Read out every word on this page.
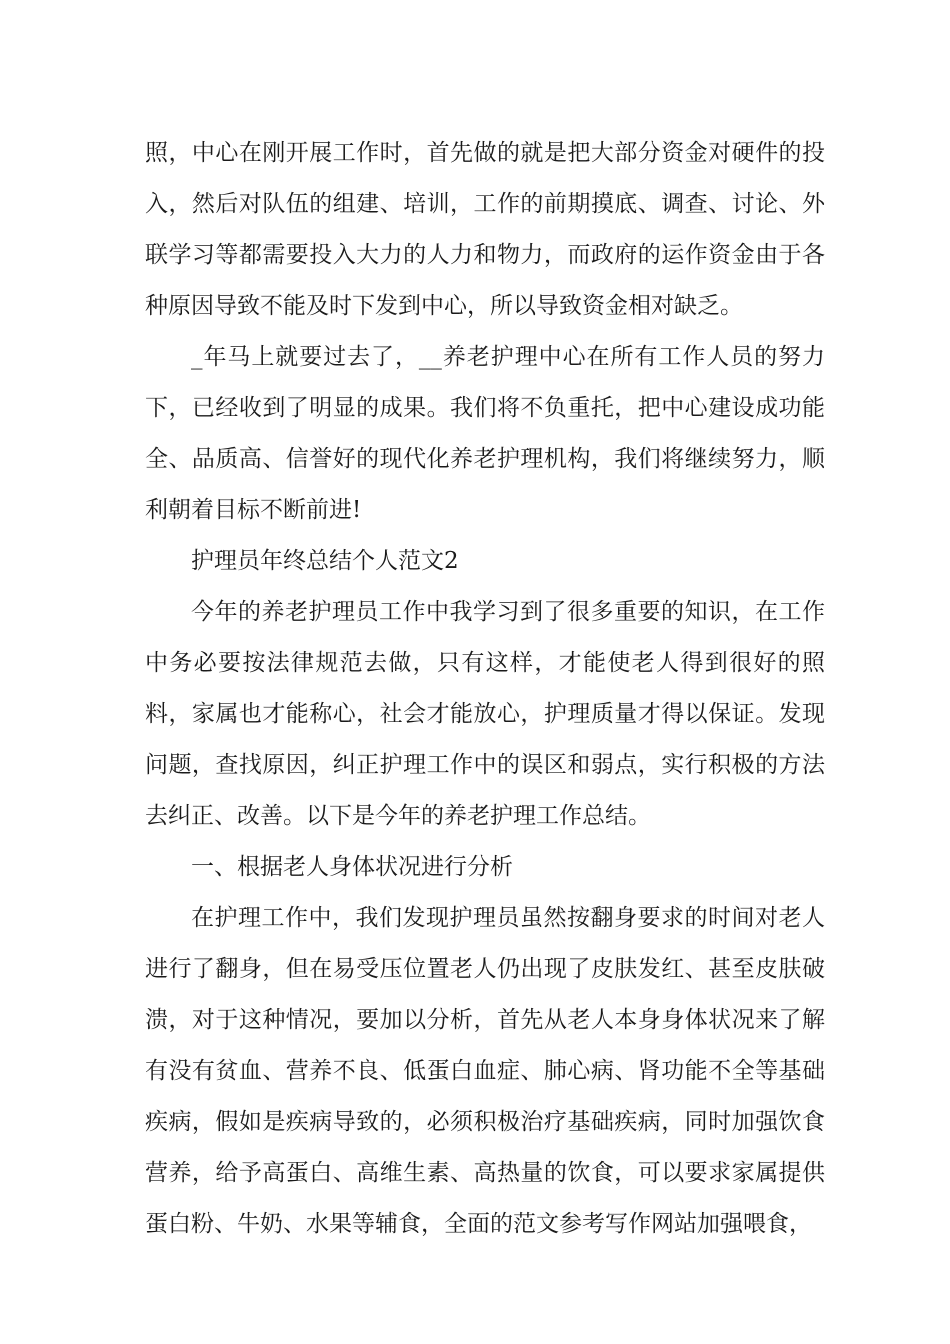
照，中心在刚开展工作时，首先做的就是把大部分资金对硬件的投入，然后对队伍的组建、培训，工作的前期摸底、调查、讨论、外联学习等都需要投入大力的人力和物力，而政府的运作资金由于各种原因导致不能及时下发到中心，所以导致资金相对缺乏。

_年马上就要过去了，__养老护理中心在所有工作人员的努力下，已经收到了明显的成果。我们将不负重托，把中心建设成功能全、品质高、信誉好的现代化养老护理机构，我们将继续努力，顺利朝着目标不断前进!

护理员年终总结个人范文2

今年的养老护理员工作中我学习到了很多重要的知识，在工作中务必要按法律规范去做，只有这样，才能使老人得到很好的照料，家属也才能称心，社会才能放心，护理质量才得以保证。发现问题，查找原因，纠正护理工作中的误区和弱点，实行积极的方法去纠正、改善。以下是今年的养老护理工作总结。

一、根据老人身体状况进行分析

在护理工作中，我们发现护理员虽然按翻身要求的时间对老人进行了翻身，但在易受压位置老人仍出现了皮肤发红、甚至皮肤破溃，对于这种情况，要加以分析，首先从老人本身身体状况来了解有没有贫血、营养不良、低蛋白血症、肺心病、肾功能不全等基础疾病，假如是疾病导致的，必须积极治疗基础疾病，同时加强饮食营养，给予高蛋白、高维生素、高热量的饮食，可以要求家属提供蛋白粉、牛奶、水果等辅食，全面的范文参考写作网站加强喂食，
